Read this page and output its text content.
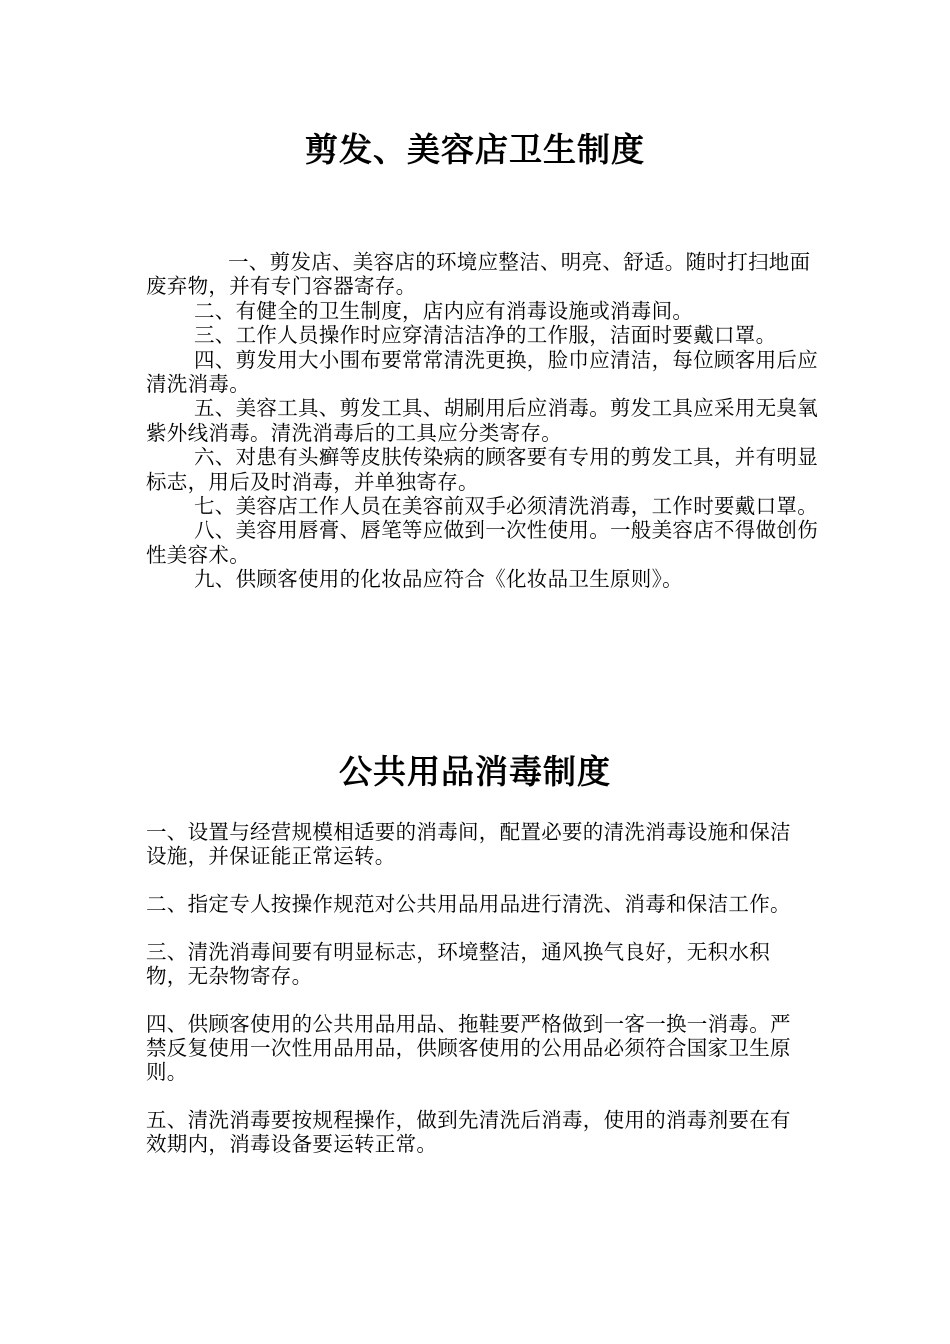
剪发、美容店卫生制度

一、剪发店、美容店的环境应整洁、明亮、舒适。随时打扫地面废弃物，并有专门容器寄存。

二、有健全的卫生制度，店内应有消毒设施或消毒间。

三、工作人员操作时应穿清洁洁净的工作服，洁面时要戴口罩。

四、剪发用大小围布要常常清洗更换，脸巾应清洁，每位顾客用后应清洗消毒。

五、美容工具、剪发工具、胡刷用后应消毒。剪发工具应采用无臭氧紫外线消毒。清洗消毒后的工具应分类寄存。

六、对患有头癣等皮肤传染病的顾客要有专用的剪发工具，并有明显标志，用后及时消毒，并单独寄存。

七、美容店工作人员在美容前双手必须清洗消毒，工作时要戴口罩。

八、美容用唇膏、唇笔等应做到一次性使用。一般美容店不得做创伤性美容术。

九、供顾客使用的化妆品应符合《化妆品卫生原则》。

公共用品消毒制度

一、设置与经营规模相适要的消毒间，配置必要的清洗消毒设施和保洁设施，并保证能正常运转。

二、指定专人按操作规范对公共用品用品进行清洗、消毒和保洁工作。

三、清洗消毒间要有明显标志，环境整洁，通风换气良好，无积水积物，无杂物寄存。

四、供顾客使用的公共用品用品、拖鞋要严格做到一客一换一消毒。严禁反复使用一次性用品用品，供顾客使用的公用品必须符合国家卫生原则。

五、清洗消毒要按规程操作，做到先清洗后消毒，使用的消毒剂要在有效期内，消毒设备要运转正常。
